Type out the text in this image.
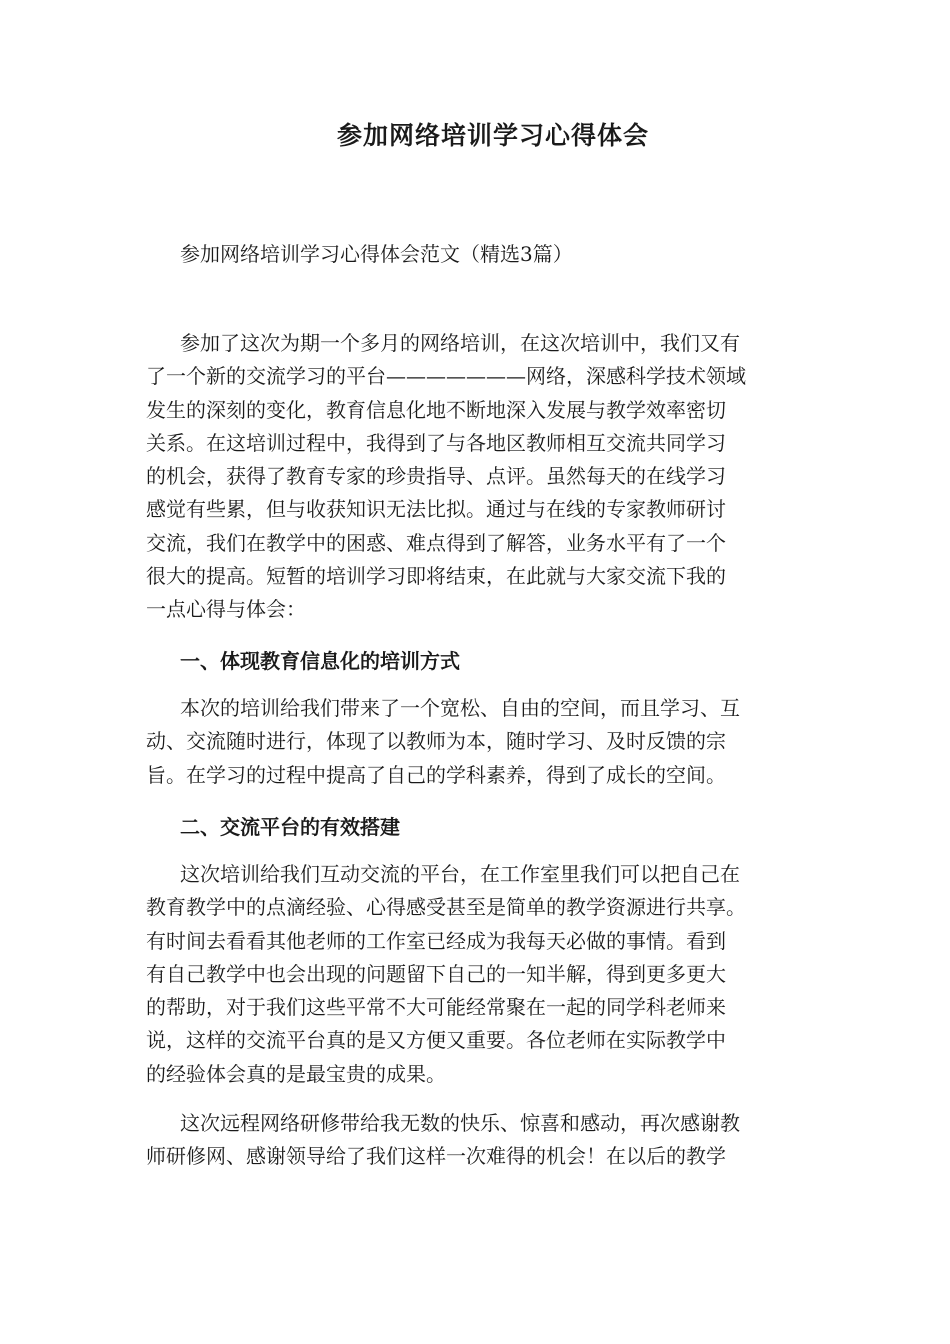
参加网络培训学习心得体会
参加网络培训学习心得体会范文（精选3篇）
参加了这次为期一个多月的网络培训，在这次培训中，我们又有
了一个新的交流学习的平台———————网络，深感科学技术领域
发生的深刻的变化，教育信息化地不断地深入发展与教学效率密切
关系。在这培训过程中，我得到了与各地区教师相互交流共同学习
的机会，获得了教育专家的珍贵指导、点评。虽然每天的在线学习
感觉有些累，但与收获知识无法比拟。通过与在线的专家教师研讨
交流，我们在教学中的困惑、难点得到了解答，业务水平有了一个
很大的提高。短暂的培训学习即将结束，在此就与大家交流下我的
一点心得与体会：
一、体现教育信息化的培训方式
本次的培训给我们带来了一个宽松、自由的空间，而且学习、互
动、交流随时进行，体现了以教师为本，随时学习、及时反馈的宗
旨。在学习的过程中提高了自己的学科素养，得到了成长的空间。
二、交流平台的有效搭建
这次培训给我们互动交流的平台，在工作室里我们可以把自己在
教育教学中的点滴经验、心得感受甚至是简单的教学资源进行共享。
有时间去看看其他老师的工作室已经成为我每天必做的事情。看到
有自己教学中也会出现的问题留下自己的一知半解，得到更多更大
的帮助，对于我们这些平常不大可能经常聚在一起的同学科老师来
说，这样的交流平台真的是又方便又重要。各位老师在实际教学中
的经验体会真的是最宝贵的成果。
这次远程网络研修带给我无数的快乐、惊喜和感动，再次感谢教
师研修网、感谢领导给了我们这样一次难得的机会！在以后的教学
